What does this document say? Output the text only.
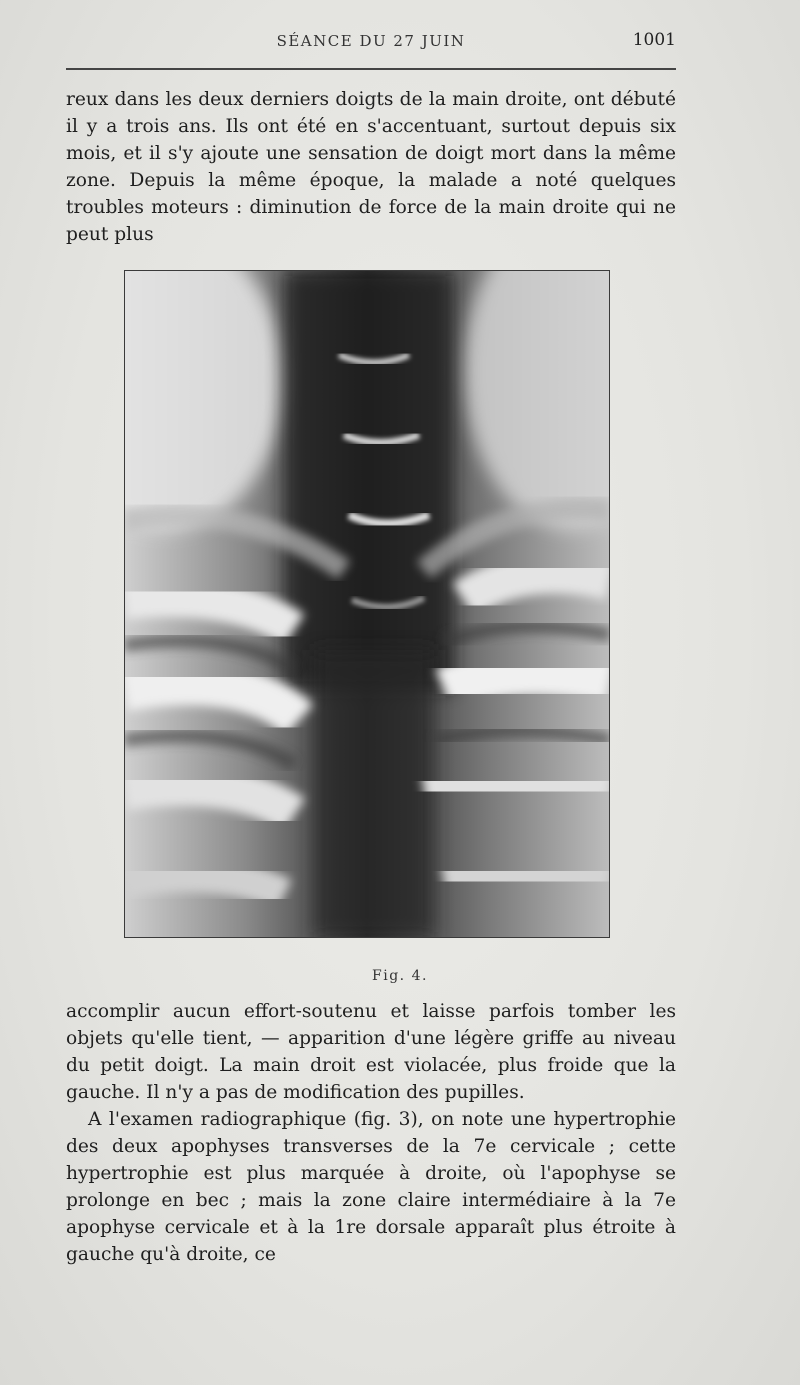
SÉANCE DU 27 JUIN	1001

reux dans les deux derniers doigts de la main droite, ont débuté il y a trois ans. Ils ont été en s'accentuant, surtout depuis six mois, et il s'y ajoute une sensation de doigt mort dans la même zone. Depuis la même époque, la malade a noté quelques troubles moteurs : diminution de force de la main droite qui ne peut plus

Fig. 4.

accomplir aucun effort-soutenu et laisse parfois tomber les objets qu'elle tient, — apparition d'une légère griffe au niveau du petit doigt. La main droit est violacée, plus froide que la gauche. Il n'y a pas de modification des pupilles.

A l'examen radiographique (fig. 3), on note une hypertrophie des deux apophyses transverses de la 7e cervicale ; cette hypertrophie est plus marquée à droite, où l'apophyse se prolonge en bec ; mais la zone claire intermédiaire à la 7e apophyse cervicale et à la 1re dorsale apparaît plus étroite à gauche qu'à droite, ce
